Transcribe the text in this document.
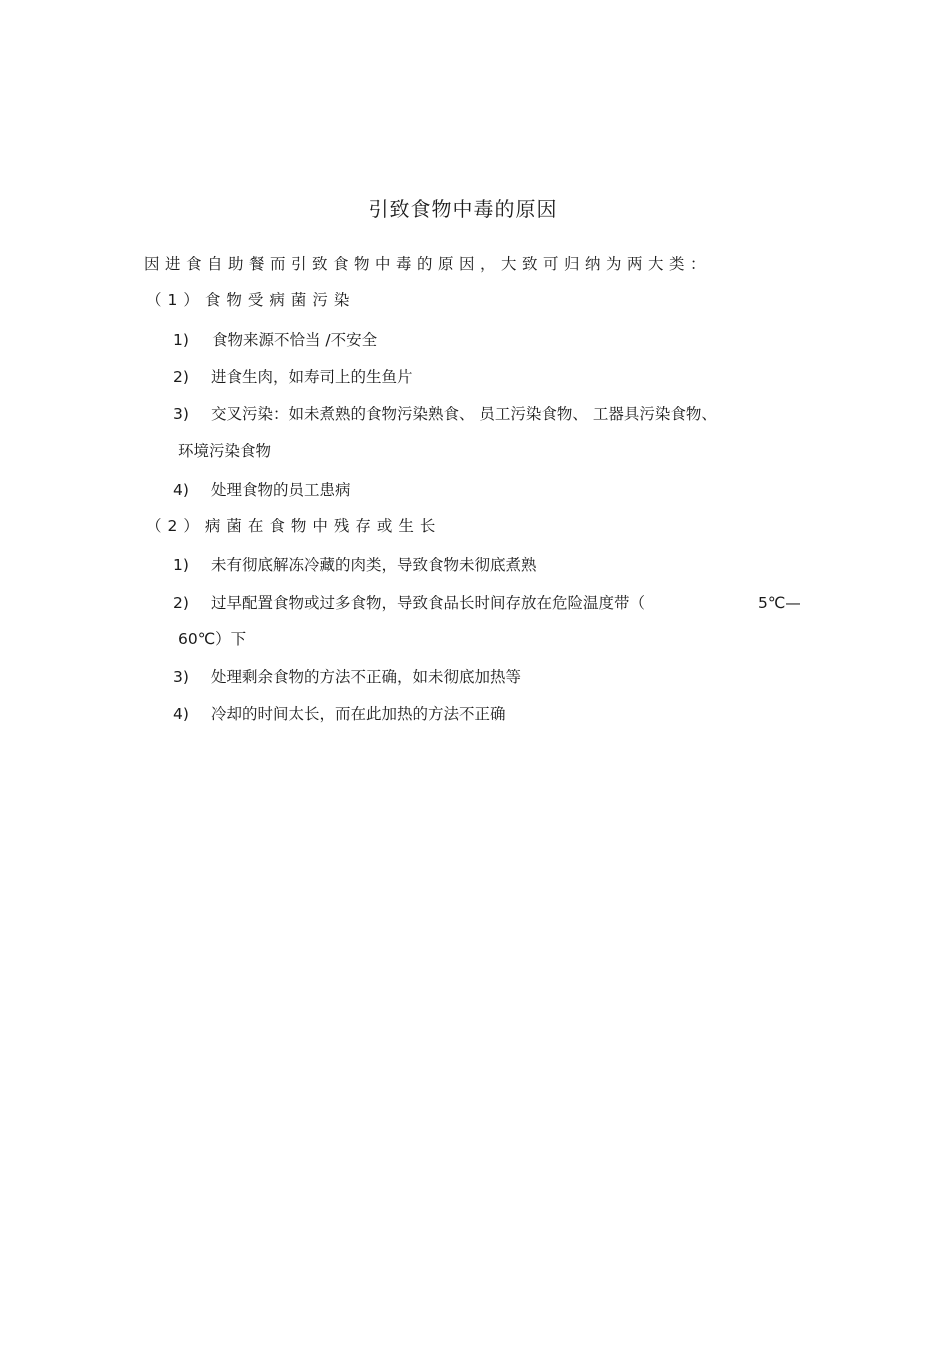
引致食物中毒的原因
因进食自助餐而引致食物中毒的原因，大致可归纳为两大类：
（1）食物受病菌污染
1) 食物来源不恰当 /不安全
2) 进食生肉，如寿司上的生鱼片
3) 交叉污染：如未煮熟的食物污染熟食、 员工污染食物、 工器具污染食物、
环境污染食物
4) 处理食物的员工患病
（2）病菌在食物中残存或生长
1) 未有彻底解冻冷藏的肉类，导致食物未彻底煮熟
2) 过早配置食物或过多食物，导致食品长时间存放在危险温度带（	5℃—
60℃）下
3) 处理剩余食物的方法不正确，如未彻底加热等
4) 冷却的时间太长，而在此加热的方法不正确
